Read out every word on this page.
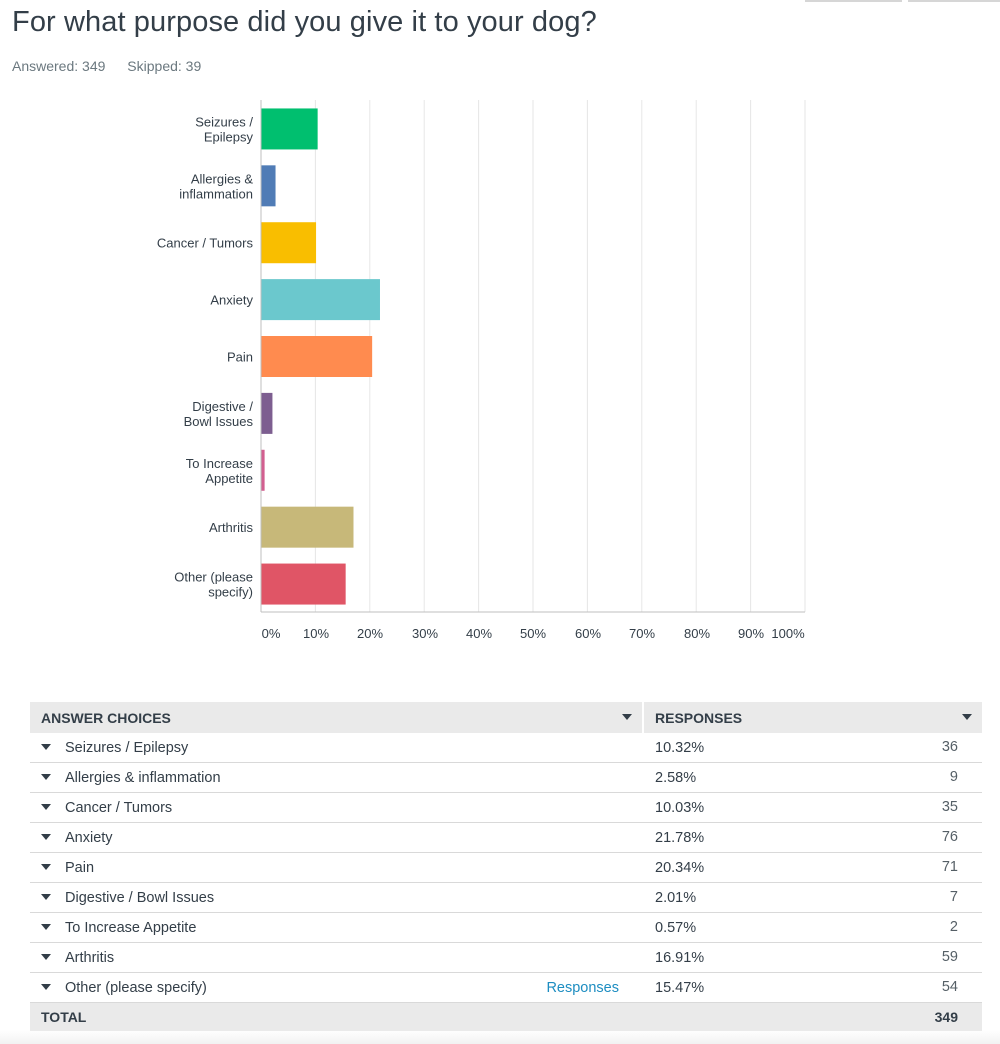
For what purpose did you give it to your dog?
Answered: 349 Skipped: 39
0% 10% 20% 30% 40% 50% 60% 70% 80% 90% 100%
Seizures /
Epilepsy
Allergies &
inflammation
Cancer / Tumors
Anxiety
Pain
Digestive /
Bowl Issues
To Increase
Appetite
Arthritis
Other (please
specify)
ANSWER CHOICES	RESPONSES

Seizures / Epilepsy	10.32% 36

Allergies & inflammation	2.58% 9

Cancer / Tumors	10.03% 35

Anxiety	21.78% 76

Pain	20.34% 71

Digestive / Bowl Issues	2.01% 7

To Increase Appetite	0.57% 2

Arthritis	16.91% 59

Other (please specify) Responses	15.47% 54

TOTAL	349
